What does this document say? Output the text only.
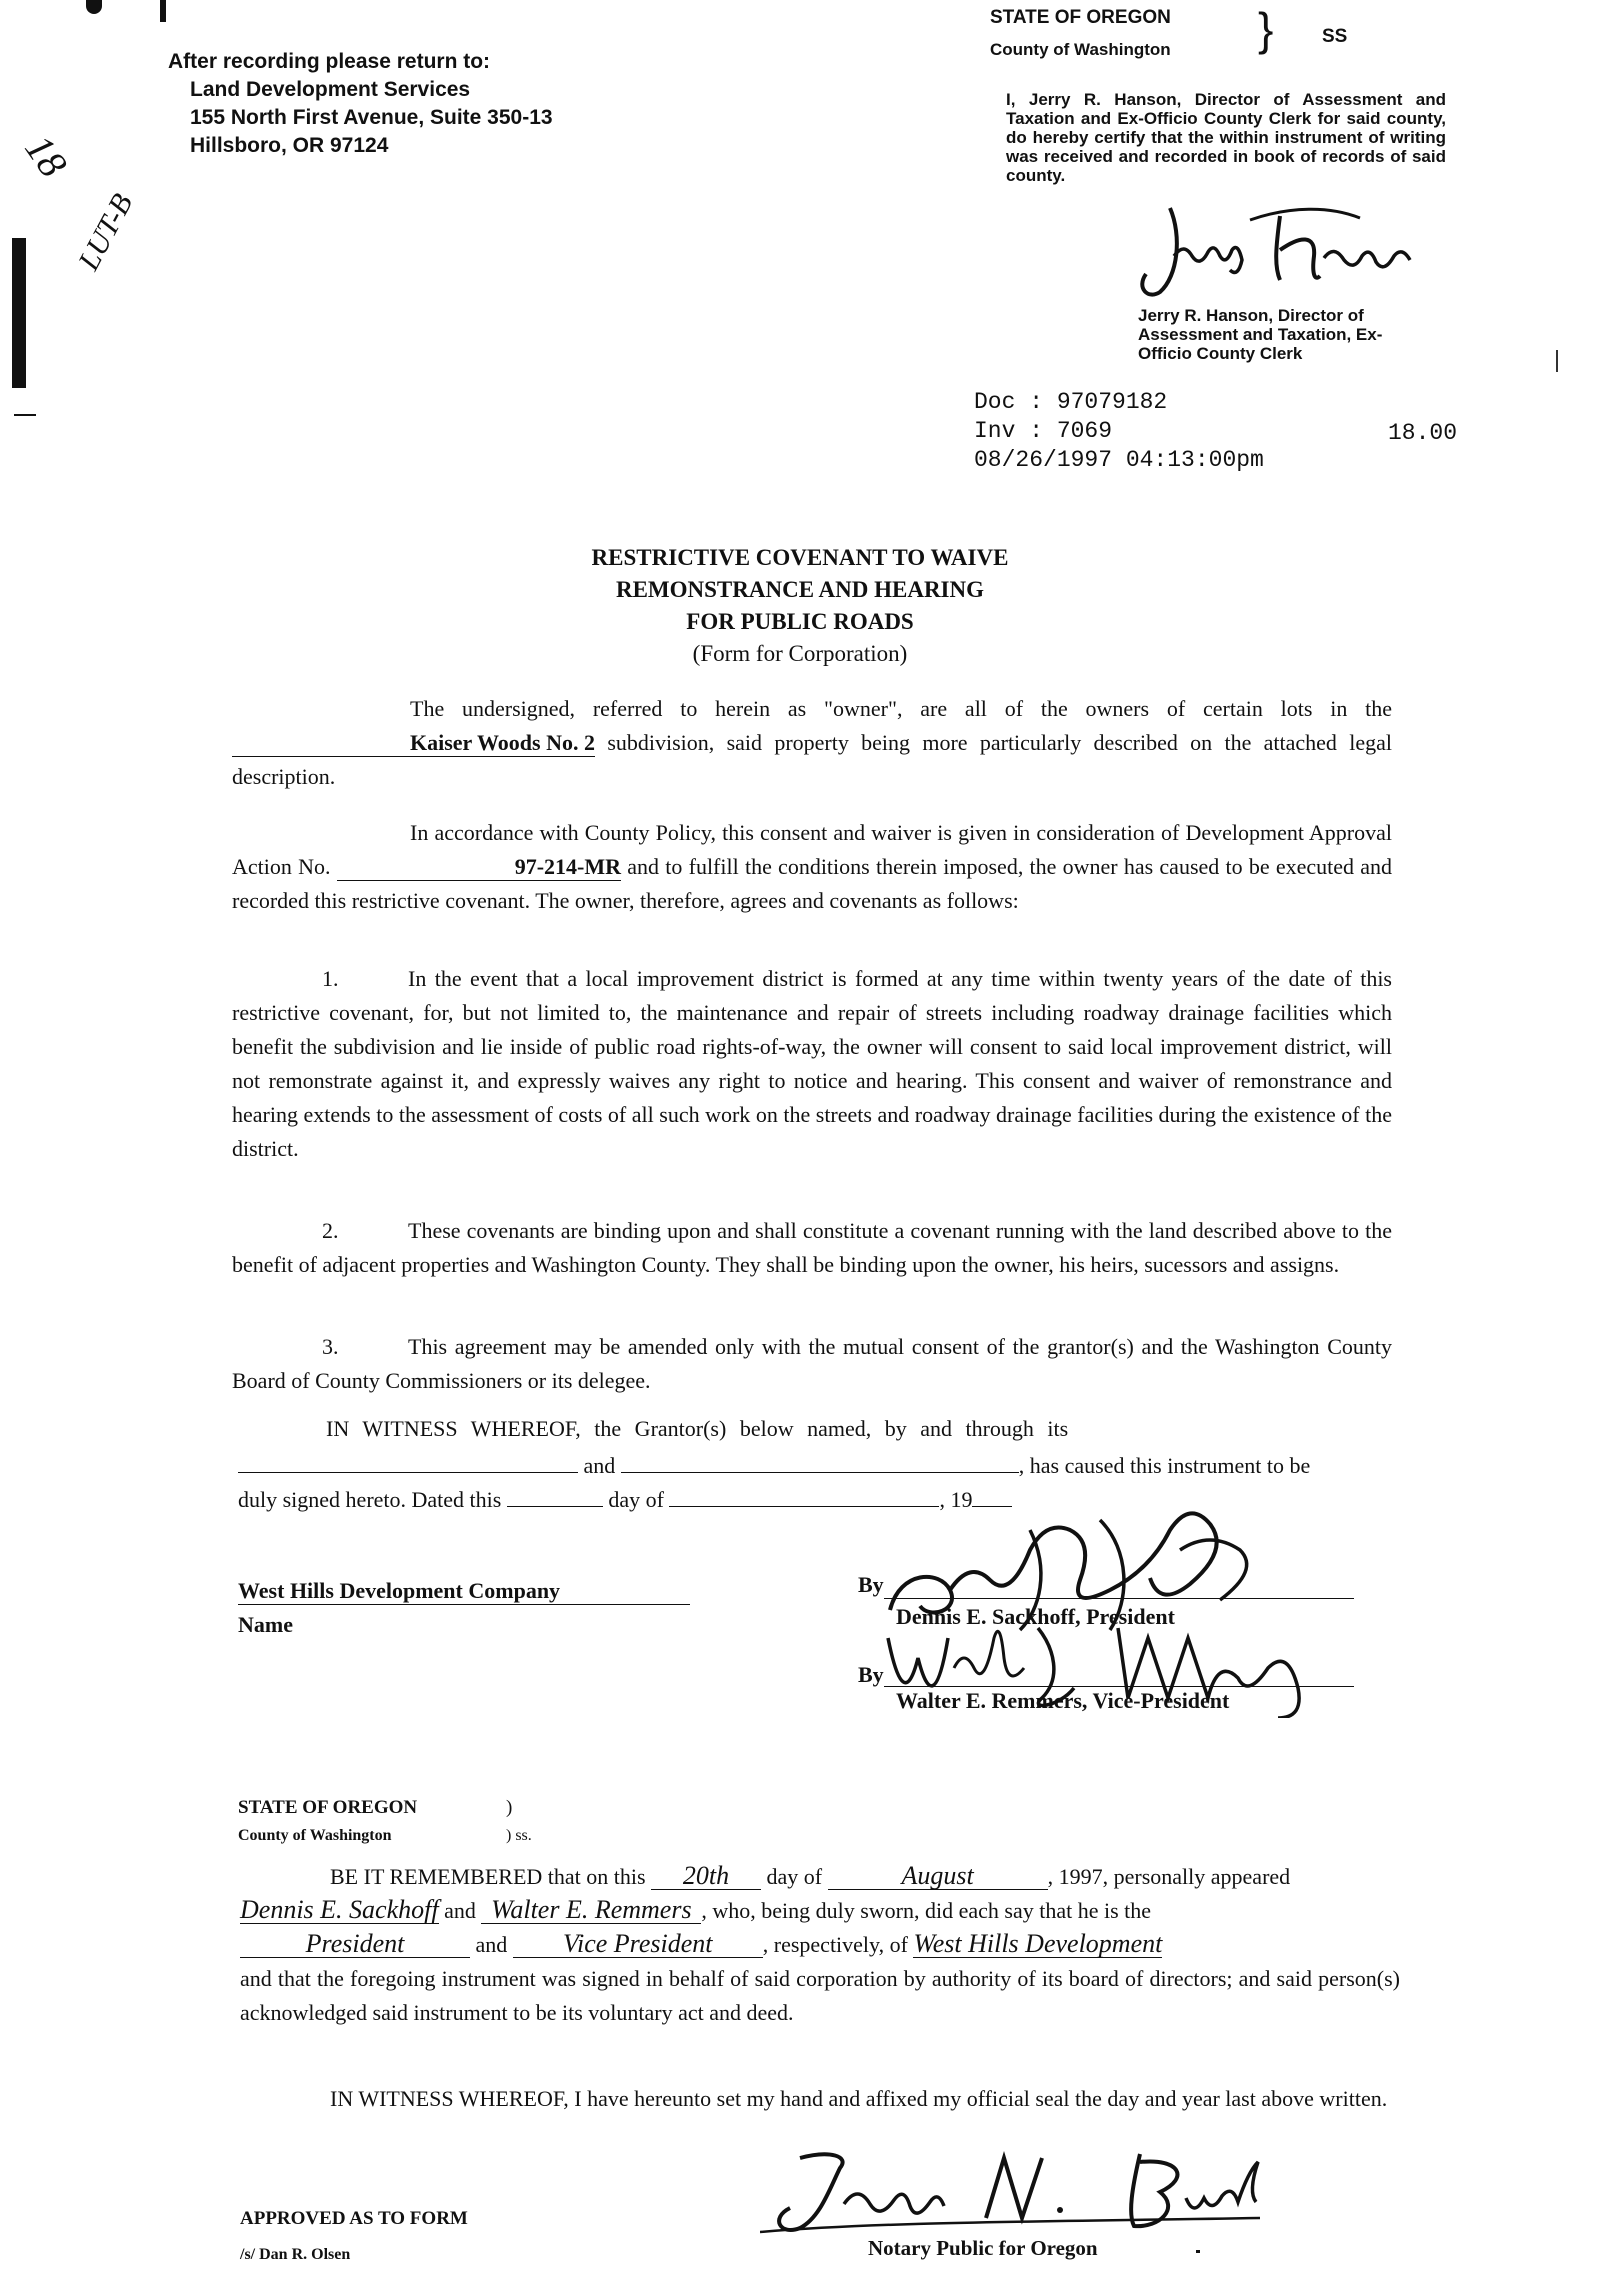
After recording please return to:
Land Development Services
155 North First Avenue, Suite 350-13
Hillsboro, OR 97124
18
LUT-B
STATE OF OREGON
County of Washington }	SS
I, Jerry R. Hanson, Director of Assessment and Taxation and Ex-Officio County Clerk for said county, do hereby certify that the within instrument of writing was received and recorded in book of records of said county.
Jerry Hanson
Jerry R. Hanson, Director of
Assessment and Taxation, Ex-
Officio County Clerk
Doc : 97079182
Inv : 7069
08/26/1997 04:13:00pm
18.00
RESTRICTIVE COVENANT TO WAIVE
REMONSTRANCE AND HEARING
FOR PUBLIC ROADS
(Form for Corporation)

The undersigned, referred to herein as "owner", are all of the owners of certain lots in the Kaiser Woods No. 2 subdivision, said property being more particularly described on the attached legal description.

In accordance with County Policy, this consent and waiver is given in consideration of Development Approval Action No.	97-214-MR and to fulfill the conditions therein imposed, the owner has caused to be executed and recorded this restrictive covenant. The owner, therefore, agrees and covenants as follows:

1.	In the event that a local improvement district is formed at any time within twenty years of the date of this restrictive covenant, for, but not limited to, the maintenance and repair of streets including roadway drainage facilities which benefit the subdivision and lie inside of public road rights-of-way, the owner will consent to said local improvement district, will not remonstrate against it, and expressly waives any right to notice and hearing. This consent and waiver of remonstrance and hearing extends to the assessment of costs of all such work on the streets and roadway drainage facilities during the existence of the district.

2.	These covenants are binding upon and shall constitute a covenant running with the land described above to the benefit of adjacent properties and Washington County. They shall be binding upon the owner, his heirs, sucessors and assigns.

3.	This agreement may be amended only with the mutual consent of the grantor(s) and the Washington County Board of County Commissioners or its delegee.

IN WITNESS WHEREOF, the Grantor(s) below named, by and through its
and	, has caused this instrument to be
duly signed hereto. Dated this	day of	, 19
West Hills Development Company
Name
By
Dennis E. Sackhoff, President
Dennis Sackhoff
By
Walter E. Remmers, Vice-President
Walter E. Remmers
STATE OF OREGON
County of Washington
)
) ss.
BE IT REMEMBERED that on this 20th day of	August	, 1997, personally appeared
Dennis E. Sackhoff and Walter E. Remmers , who, being duly sworn, did each say that he is the
President	and Vice President , respectively, of West Hills Development
and that the foregoing instrument was signed in behalf of said corporation by authority of its board of directors; and said person(s) acknowledged said instrument to be its voluntary act and deed.
IN WITNESS WHEREOF, I have hereunto set my hand and affixed my official seal the day and year last above written.
APPROVED AS TO FORM
/s/ Dan R. Olsen
Janet N. Busk
Notary Public for Oregon
